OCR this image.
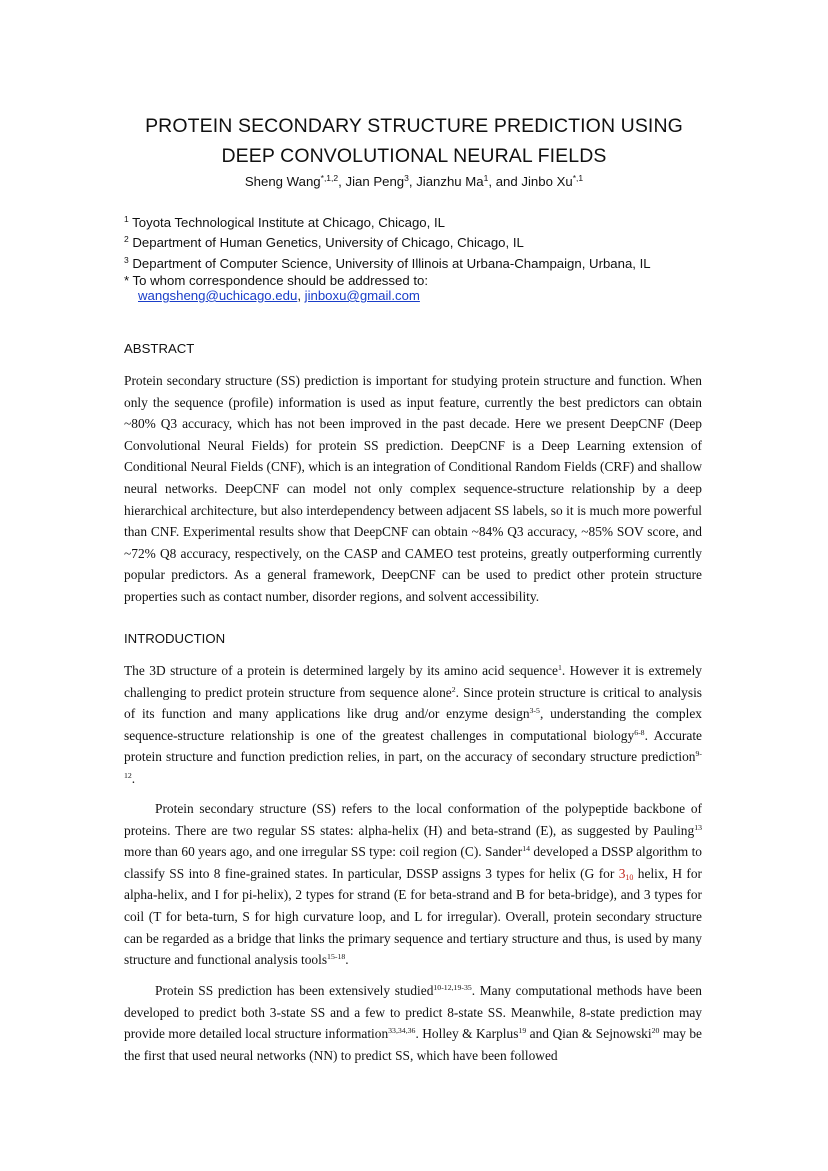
PROTEIN SECONDARY STRUCTURE PREDICTION USING
DEEP CONVOLUTIONAL NEURAL FIELDS
Sheng Wang$^{*,1,2}$, Jian Peng$^3$, Jianzhu Ma$^1$, and Jinbo $Xu^{*,1}$
$^1$ Toyota Technological Institute at Chicago, Chicago, IL
$^2$ Department of Human Genetics, University of Chicago, Chicago, IL
$^3$ Department of Computer Science, University of Illinois at Urbana-Champaign, Urbana, IL
* To whom correspondence should be addressed to:
wangsheng@uchicago.edu, jinboxu@gmail.com
ABSTRACT

Protein secondary structure (SS) prediction is important for studying protein structure and function. When only the sequence (profile) information is used as input feature, currently the best predictors can obtain ~80% Q3 accuracy, which has not been improved in the past decade. Here we present DeepCNF (Deep Convolutional Neural Fields) for protein SS prediction. DeepCNF is a Deep Learning extension of Conditional Neural Fields (CNF), which is an integration of Conditional Random Fields (CRF) and shallow neural networks. DeepCNF can model not only complex sequence-structure relationship by a deep hierarchical architecture, but also interdependency between adjacent SS labels, so it is much more powerful than CNF. Experimental results show that DeepCNF can obtain ~84% Q3 accuracy, ~85% SOV score, and ~72% Q8 accuracy, respectively, on the CASP and CAMEO test proteins, greatly outperforming currently popular predictors. As a general framework, DeepCNF can be used to predict other protein structure properties such as contact number, disorder regions, and solvent accessibility.

INTRODUCTION

The 3D structure of a protein is determined largely by its amino acid sequence$^1$. However it is extremely challenging to predict protein structure from sequence alone$^2$. Since protein structure is critical to analysis of its function and many applications like drug and/or enzyme design$^{3-5}$, understanding the complex sequence-structure relationship is one of the greatest challenges in computational biology$^{6-8}$. Accurate protein structure and function prediction relies, in part, on the accuracy of secondary structure prediction$^{9-12}$.

Protein secondary structure (SS) refers to the local conformation of the polypeptide backbone of proteins. There are two regular SS states: alpha-helix (H) and beta-strand (E), as suggested by Pauling$^{13}$ more than 60 years ago, and one irregular SS type: coil region (C). Sander$^{14}$ developed a DSSP algorithm to classify SS into 8 fine-grained states. In particular, DSSP assigns 3 types for helix (G for $3_{10}$ helix, H for alpha-helix, and I for pi-helix), 2 types for strand (E for beta-strand and B for beta-bridge), and 3 types for coil (T for beta-turn, S for high curvature loop, and L for irregular). Overall, protein secondary structure can be regarded as a bridge that links the primary sequence and tertiary structure and thus, is used by many structure and functional analysis tools$^{15-18}$.

Protein SS prediction has been extensively studied$^{10-12,19-35}$. Many computational methods have been developed to predict both 3-state SS and a few to predict 8-state SS. Meanwhile, 8-state prediction may provide more detailed local structure information$^{33,34,36}$. Holley & Karplus$^{19}$ and Qian & Sejnowski$^{20}$ may be the first that used neural networks (NN) to predict SS, which have been followed
